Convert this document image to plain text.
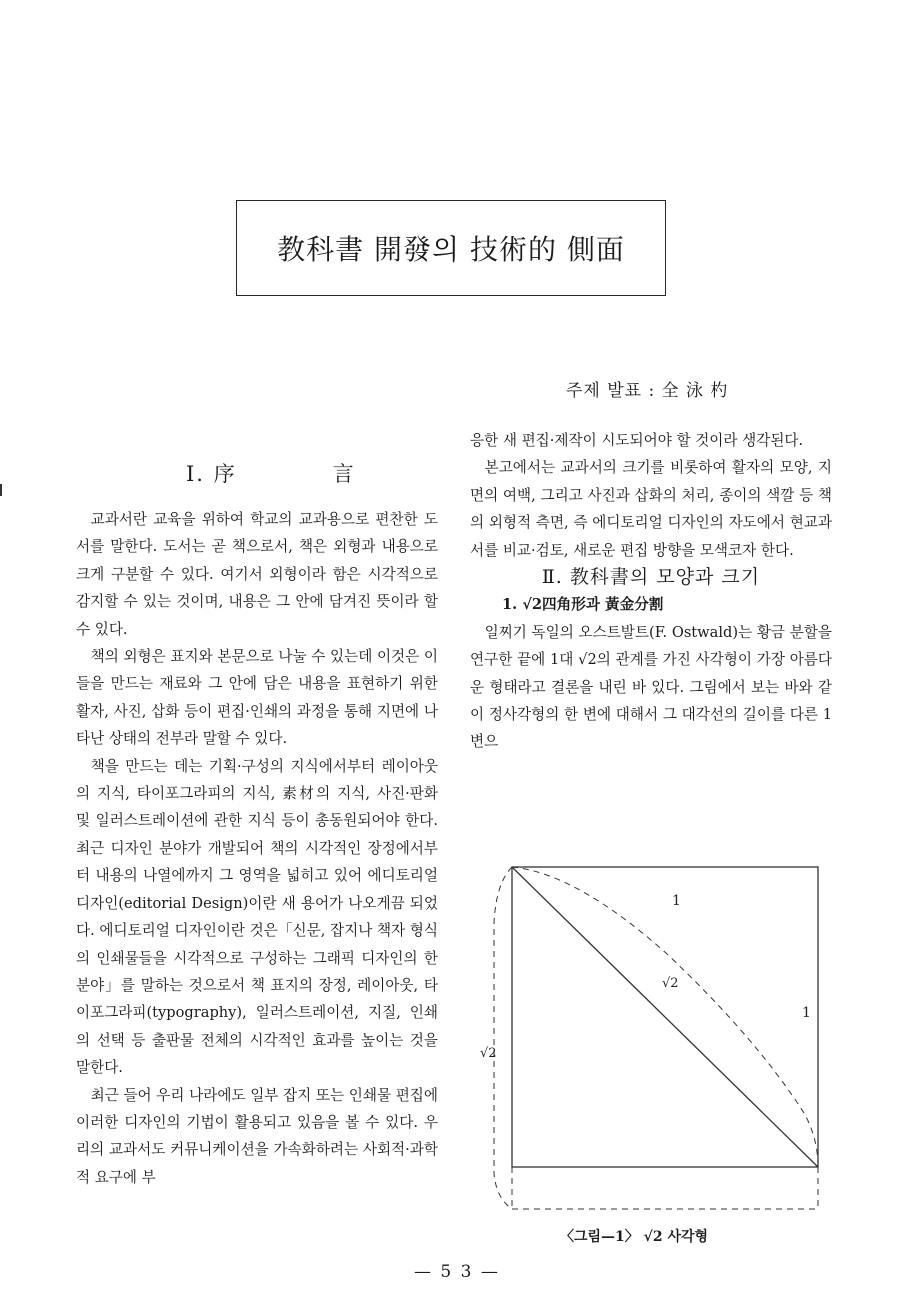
教科書 開發의 技術的 側面
주제 발표 : 全 泳 杓
Ⅰ. 序	言

교과서란 교육을 위하여 학교의 교과용으로 편찬한 도서를 말한다. 도서는 곧 책으로서, 책은 외형과 내용으로 크게 구분할 수 있다. 여기서 외형이라 함은 시각적으로 감지할 수 있는 것이며, 내용은 그 안에 담겨진 뜻이라 할 수 있다.

책의 외형은 표지와 본문으로 나눌 수 있는데 이것은 이들을 만드는 재료와 그 안에 담은 내용을 표현하기 위한 활자, 사진, 삽화 등이 편집·인쇄의 과정을 통해 지면에 나타난 상태의 전부라 말할 수 있다.

책을 만드는 데는 기획·구성의 지식에서부터 레이아웃의 지식, 타이포그라피의 지식, 素材의 지식, 사진·판화 및 일러스트레이션에 관한 지식 등이 총동원되어야 한다. 최근 디자인 분야가 개발되어 책의 시각적인 장정에서부터 내용의 나열에까지 그 영역을 넓히고 있어 에디토리얼 디자인(editorial Design)이란 새 용어가 나오게끔 되었다. 에디토리얼 디자인이란 것은「신문, 잡지나 책자 형식의 인쇄물들을 시각적으로 구성하는 그래픽 디자인의 한 분야」를 말하는 것으로서 책 표지의 장정, 레이아웃, 타이포그라피(typography), 일러스트레이션, 지질, 인쇄의 선택 등 출판물 전체의 시각적인 효과를 높이는 것을 말한다.

최근 들어 우리 나라에도 일부 잡지 또는 인쇄물 편집에 이러한 디자인의 기법이 활용되고 있음을 볼 수 있다. 우리의 교과서도 커뮤니케이션을 가속화하려는 사회적·과학적 요구에 부

응한 새 편집·제작이 시도되어야 할 것이라 생각된다.

본고에서는 교과서의 크기를 비롯하여 활자의 모양, 지면의 여백, 그리고 사진과 삽화의 처리, 종이의 색깔 등 책의 외형적 측면, 즉 에디토리얼 디자인의 자도에서 현교과서를 비교·검토, 새로운 편집 방향을 모색코자 한다.

Ⅱ. 教科書의 모양과 크기

1. √2四角形과 黃金分割

일찌기 독일의 오스트발트(F. Ostwald)는 황금 분할을 연구한 끝에 1대 √2의 관계를 가진 사각형이 가장 아름다운 형태라고 결론을 내린 바 있다. 그림에서 보는 바와 같이 정사각형의 한 변에 대해서 그 대각선의 길이를 다른 1변으

1
1
√2
√2
〈그림—1〉 √2 사각형
— 5 3 —
